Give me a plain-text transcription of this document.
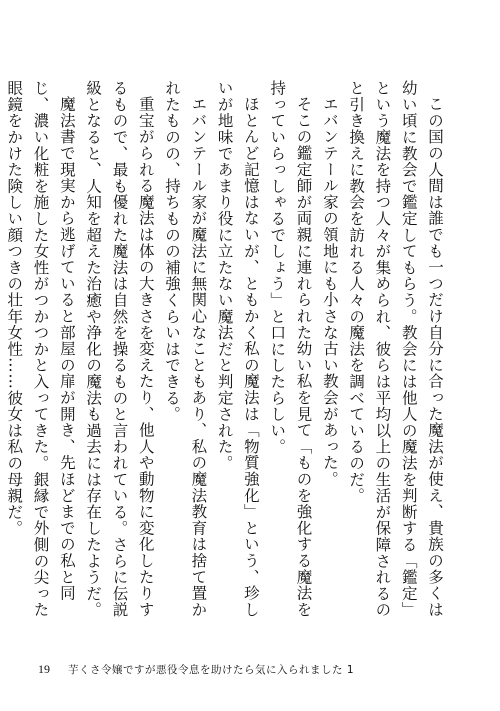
この国の人間は誰でも一つだけ自分に合った魔法が使え、貴族の多くは幼い頃に教会で鑑定してもらう。教会には他人の魔法を判断する「鑑定」という魔法を持つ人々が集められ、彼らは平均以上の生活が保障されるのと引き換えに教会を訪れる人々の魔法を調べているのだ。

エバンテール家の領地にも小さな古い教会があった。

そこの鑑定師が両親に連れられた幼い私を見て「ものを強化する魔法を持っていらっしゃるでしょう」と口にしたらしい。

ほとんど記憶はないが、ともかく私の魔法は「物質強化」という、珍しいが地味であまり役に立たない魔法だと判定された。

エバンテール家が魔法に無関心なこともあり、私の魔法教育は捨て置かれたものの、持ちものの補強くらいはできる。

重宝がられる魔法は体の大きさを変えたり、他人や動物に変化したりするもので、最も優れた魔法は自然を操るものと言われている。さらに伝説級となると、人知を超えた治癒や浄化の魔法も過去には存在したようだ。

魔法書で現実から逃げていると部屋の扉が開き、先ほどまでの私と同じ、濃い化粧を施した女性がつかつかと入ってきた。銀縁で外側の尖った眼鏡をかけた険しい顔つきの壮年女性……彼女は私の母親だ。

19 芋くさ令嬢ですが悪役令息を助けたら気に入られました 1
